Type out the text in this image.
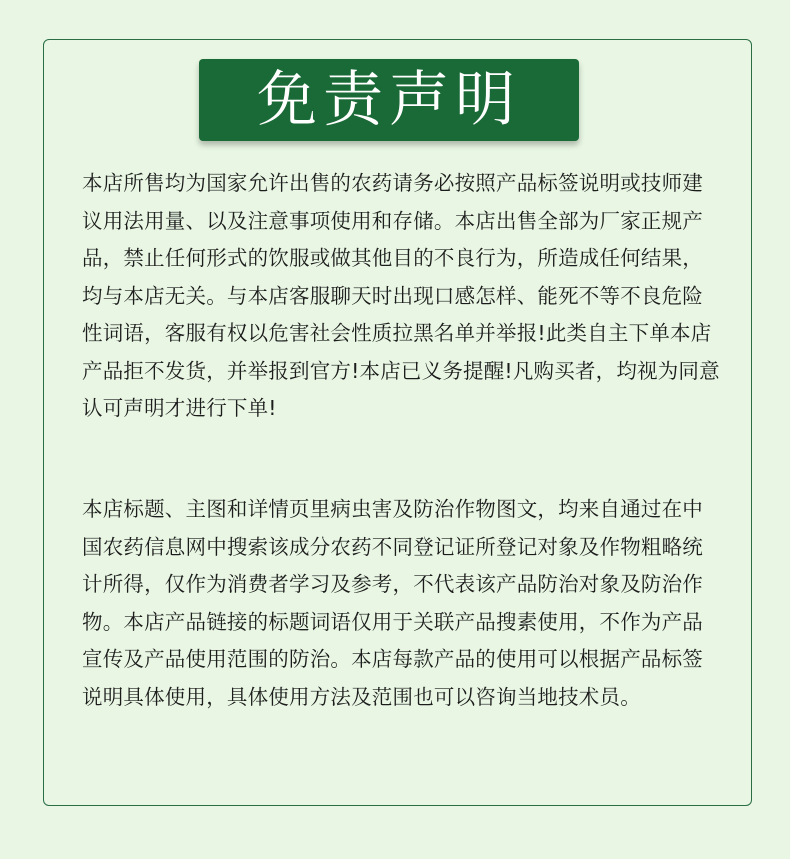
免责声明

本店所售均为国家允许出售的农药请务必按照产品标签说明或技师建议用法用量、以及注意事项使用和存储。本店出售全部为厂家正规产品，禁止任何形式的饮服或做其他目的不良行为，所造成任何结果，均与本店无关。与本店客服聊天时出现口感怎样、能死不等不良危险性词语，客服有权以危害社会性质拉黑名单并举报!此类自主下单本店产品拒不发货，并举报到官方!本店已义务提醒!凡购买者，均视为同意认可声明才进行下单!

本店标题、主图和详情页里病虫害及防治作物图文，均来自通过在中国农药信息网中搜索该成分农药不同登记证所登记对象及作物粗略统计所得，仅作为消费者学习及参考，不代表该产品防治对象及防治作物。本店产品链接的标题词语仅用于关联产品搜素使用，不作为产品宣传及产品使用范围的防治。本店每款产品的使用可以根据产品标签说明具体使用，具体使用方法及范围也可以咨询当地技术员。
